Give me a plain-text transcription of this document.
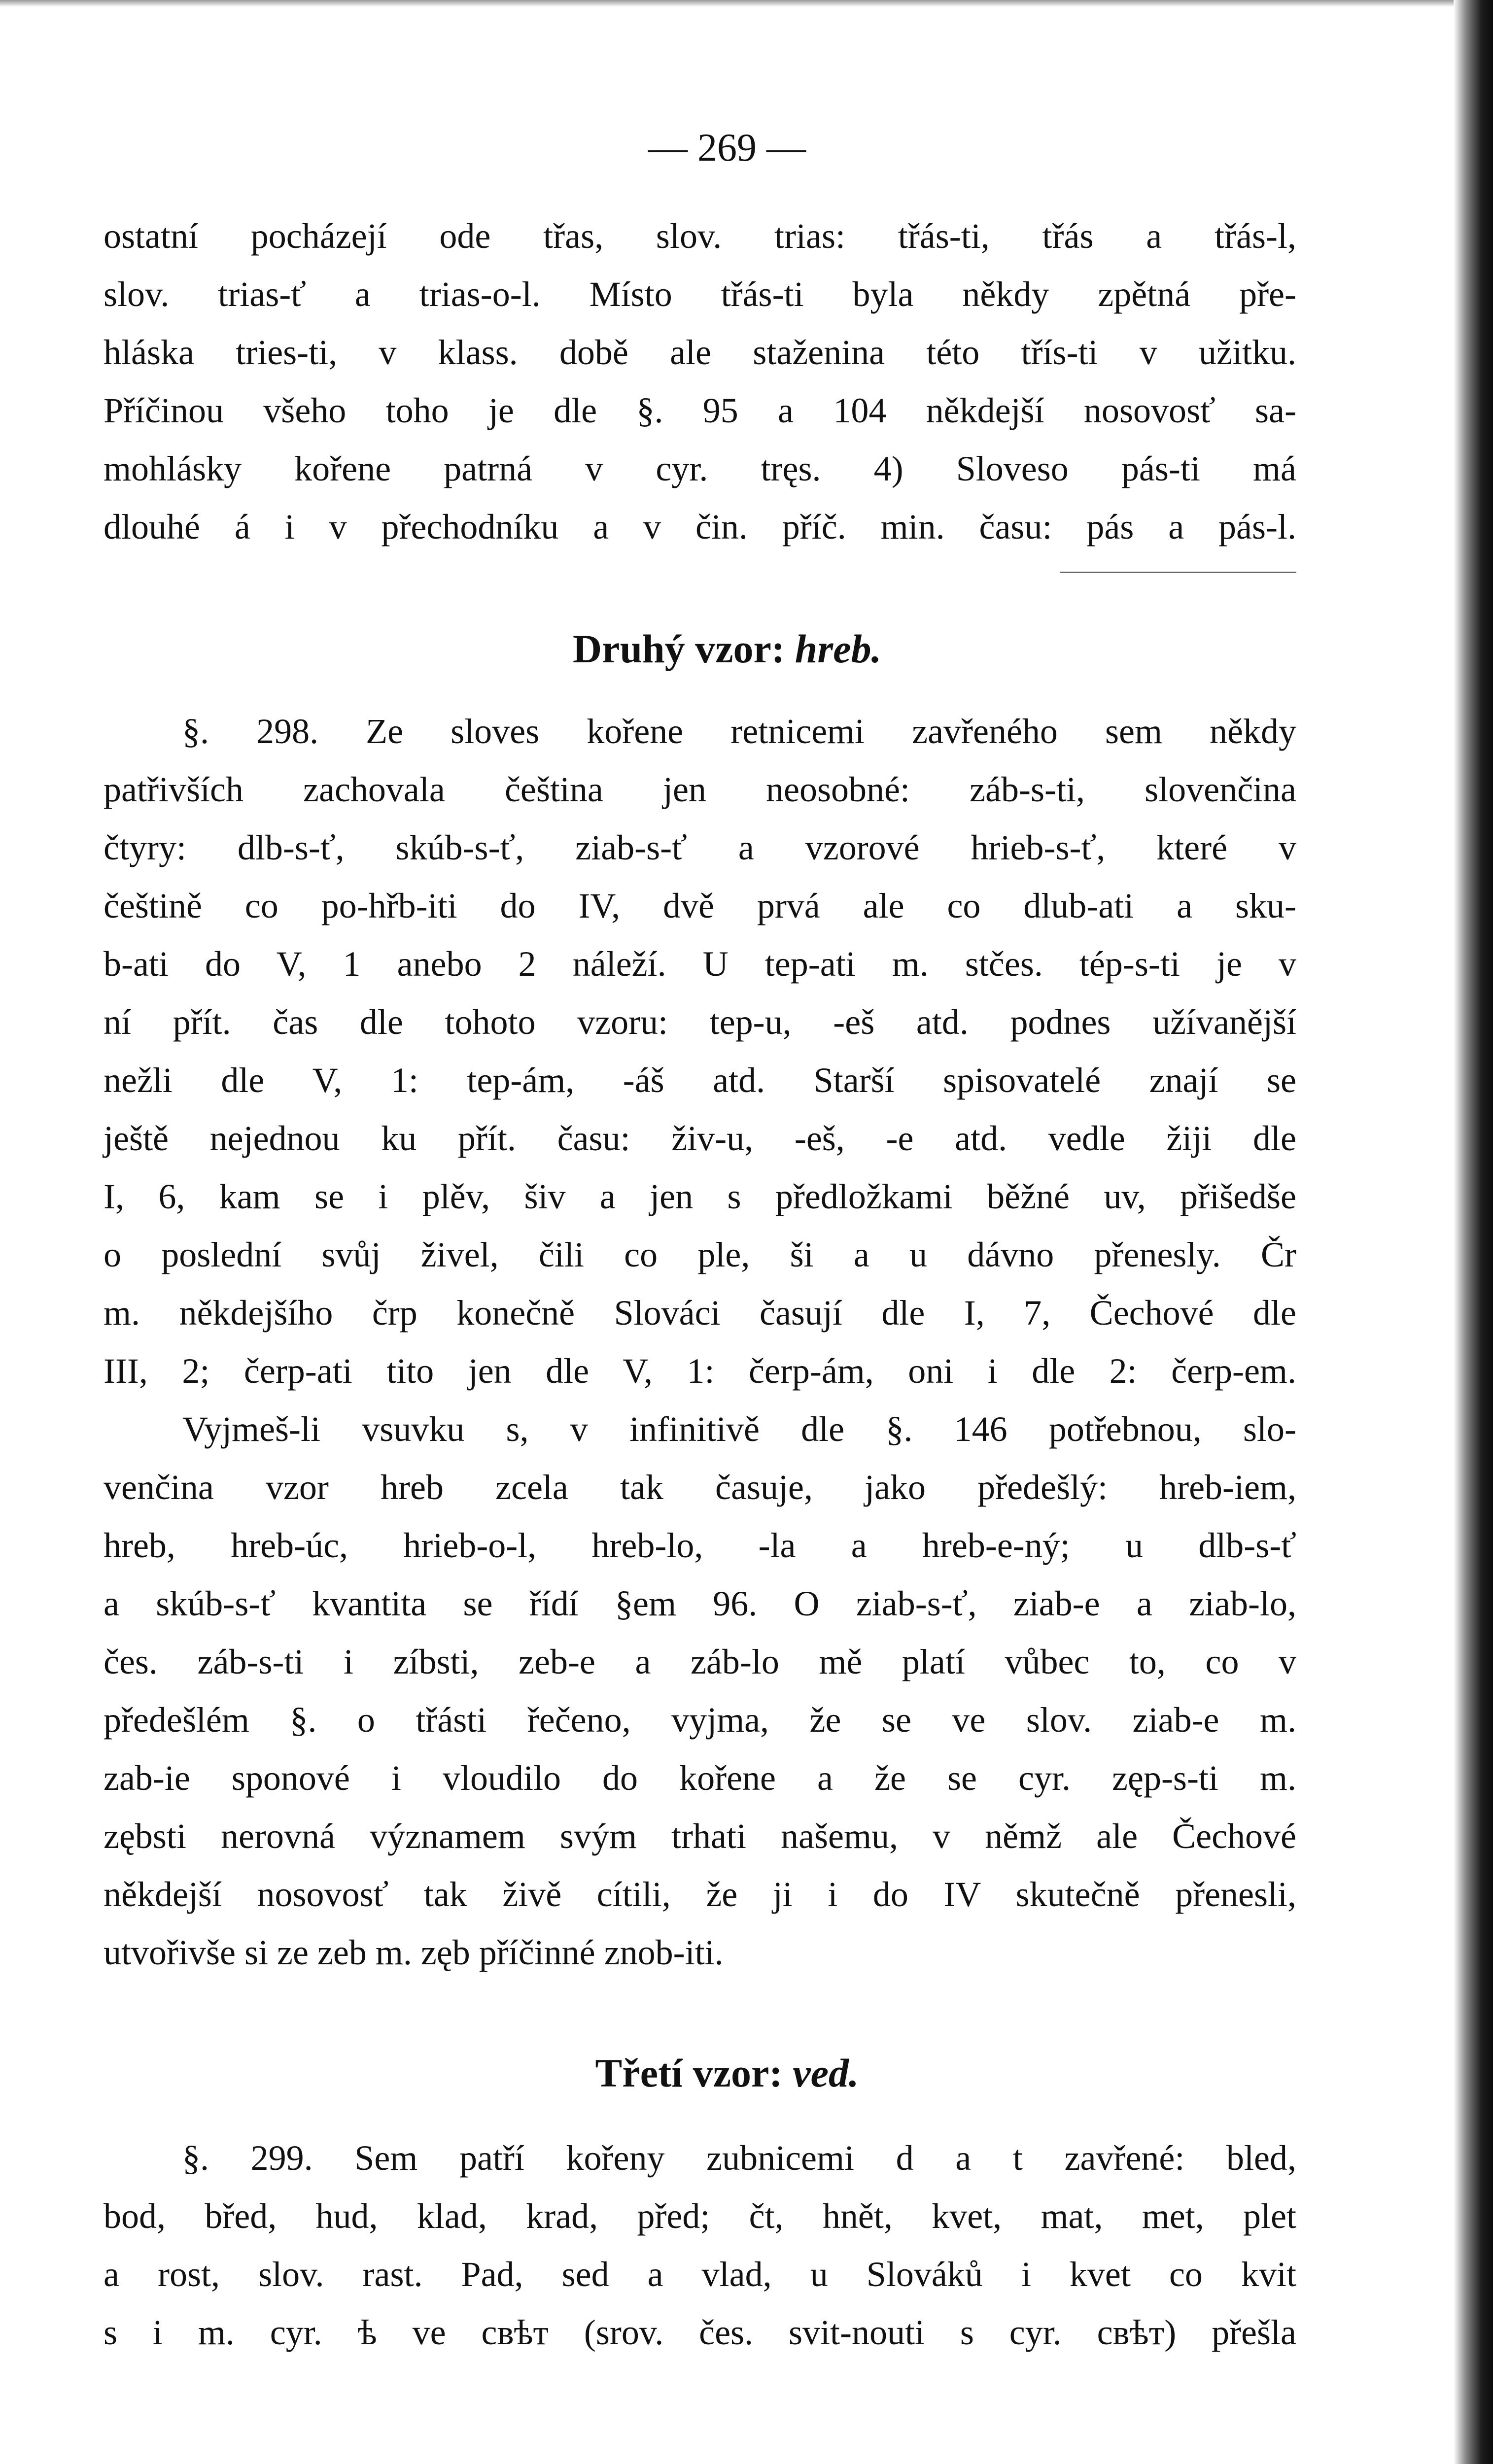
— 269 —
ostatní pocházejí ode třas, slov. trias: třás-ti, třás a třás-l,
slov. trias-ť a trias-o-l. Místo třás-ti byla někdy zpětná pře-
hláska tries-ti, v klass. době ale staženina této třís-ti v užitku.
Příčinou všeho toho je dle §. 95 a 104 někdejší nosovosť sa-
mohlásky kořene patrná v cyr. tręs. 4) Sloveso pás-ti má
dlouhé á i v přechodníku a v čin. příč. min. času: pás a pás-l.
Druhý vzor: hreb.
§. 298. Ze sloves kořene retnicemi zavřeného sem někdy
patřivších zachovala čeština jen neosobné: záb-s-ti, slovenčina
čtyry: dlb-s-ť, skúb-s-ť, ziab-s-ť a vzorové hrieb-s-ť, které v
češtině co po-hřb-iti do IV, dvě prvá ale co dlub-ati a sku-
b-ati do V, 1 anebo 2 náleží. U tep-ati m. stčes. tép-s-ti je v
ní přít. čas dle tohoto vzoru: tep-u, -eš atd. podnes užívanější
nežli dle V, 1: tep-ám, -áš atd. Starší spisovatelé znají se
ještě nejednou ku přít. času: živ-u, -eš, -e atd. vedle žiji dle
I, 6, kam se i plěv, šiv a jen s předložkami běžné uv, přišedše
o poslední svůj živel, čili co ple, ši a u dávno přenesly. Čr
m. někdejšího črp konečně Slováci časují dle I, 7, Čechové dle
III, 2; čerp-ati tito jen dle V, 1: čerp-ám, oni i dle 2: čerp-em.
Vyjmeš-li vsuvku s, v infinitivě dle §. 146 potřebnou, slo-
venčina vzor hreb zcela tak časuje, jako předešlý: hreb-iem,
hreb, hreb-úc, hrieb-o-l, hreb-lo, -la a hreb-e-ný; u dlb-s-ť
a skúb-s-ť kvantita se řídí §em 96. O ziab-s-ť, ziab-e a ziab-lo,
čes. záb-s-ti i zíbsti, zeb-e a záb-lo mě platí vůbec to, co v
předešlém §. o třásti řečeno, vyjma, že se ve slov. ziab-e m.
zab-ie sponové i vloudilo do kořene a že se cyr. zęp-s-ti m.
zębsti nerovná významem svým trhati našemu, v němž ale Čechové
někdejší nosovosť tak živě cítili, že ji i do IV skutečně přenesli,
utvořivše si ze zeb m. zęb příčinné znob-iti.
Třetí vzor: ved.
§. 299. Sem patří kořeny zubnicemi d a t zavřené: bled,
bod, břed, hud, klad, krad, před; čt, hnět, kvet, mat, met, plet
a rost, slov. rast. Pad, sed a vlad, u Slováků i kvet co kvit
s i m. cyr. ѣ ve свѣт (srov. čes. svit-nouti s cyr. свѣт) přešla
